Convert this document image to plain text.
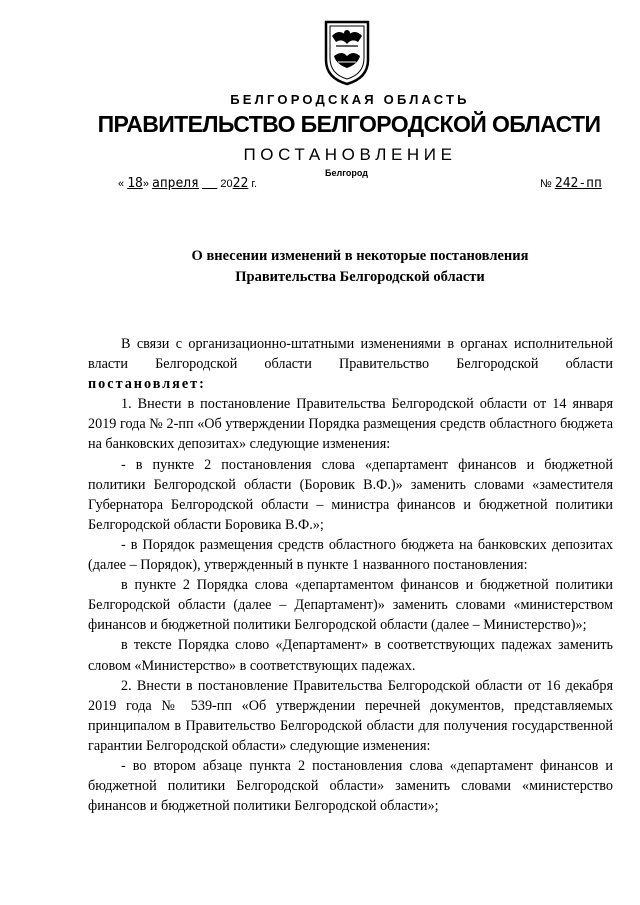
БЕЛГОРОДСКАЯ ОБЛАСТЬ
ПРАВИТЕЛЬСТВО БЕЛГОРОДСКОЙ ОБЛАСТИ
ПОСТАНОВЛЕНИЕ
Белгород
« 18» апреля 2022 г.	№ 242-пп
О внесении изменений в некоторые постановления
Правительства Белгородской области

В связи с организационно-штатными изменениями в органах исполнительной власти Белгородской области Правительство Белгородской области постановляет:

1. Внести в постановление Правительства Белгородской области от 14 января 2019 года № 2-пп «Об утверждении Порядка размещения средств областного бюджета на банковских депозитах» следующие изменения:

- в пункте 2 постановления слова «департамент финансов и бюджетной политики Белгородской области (Боровик В.Ф.)» заменить словами «заместителя Губернатора Белгородской области – министра финансов и бюджетной политики Белгородской области Боровика В.Ф.»;

- в Порядок размещения средств областного бюджета на банковских депозитах (далее – Порядок), утвержденный в пункте 1 названного постановления:

в пункте 2 Порядка слова «департаментом финансов и бюджетной политики Белгородской области (далее – Департамент)» заменить словами «министерством финансов и бюджетной политики Белгородской области (далее – Министерство)»;

в тексте Порядка слово «Департамент» в соответствующих падежах заменить словом «Министерство» в соответствующих падежах.

2. Внести в постановление Правительства Белгородской области от 16 декабря 2019 года № 539-пп «Об утверждении перечней документов, представляемых принципалом в Правительство Белгородской области для получения государственной гарантии Белгородской области» следующие изменения:

- во втором абзаце пункта 2 постановления слова «департамент финансов и бюджетной политики Белгородской области» заменить словами «министерство финансов и бюджетной политики Белгородской области»;
